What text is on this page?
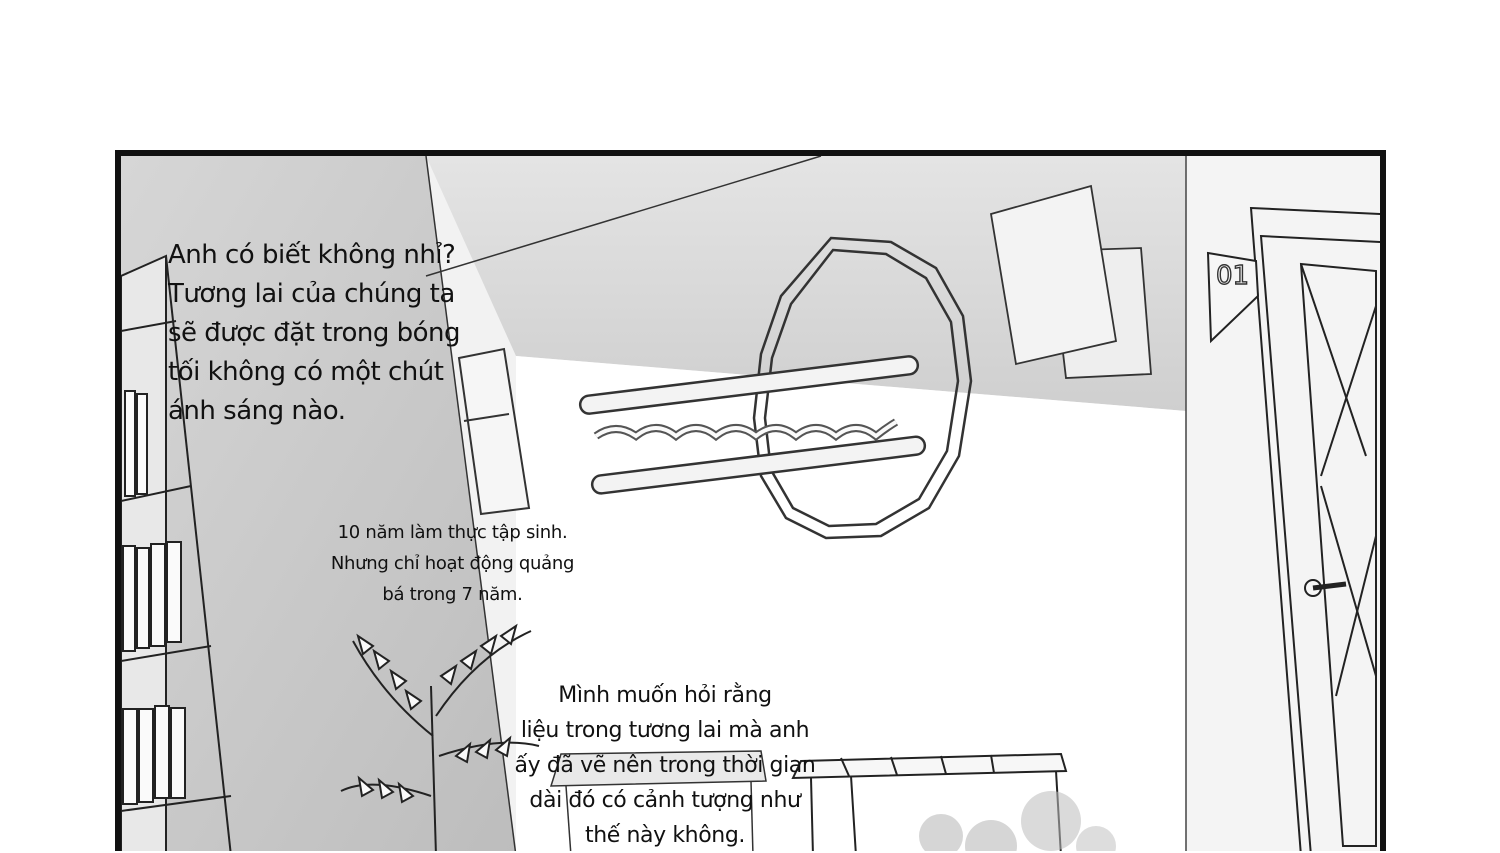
01

Anh có biết không nhỉ?
Tương lai của chúng ta
sẽ được đặt trong bóng
tối không có một chút
ánh sáng nào.

10 năm làm thực tập sinh.
Nhưng chỉ hoạt động quảng
bá trong 7 năm.

Mình muốn hỏi rằng
liệu trong tương lai mà anh
ấy đã vẽ nên trong thời gian
dài đó có cảnh tượng như
thế này không.
